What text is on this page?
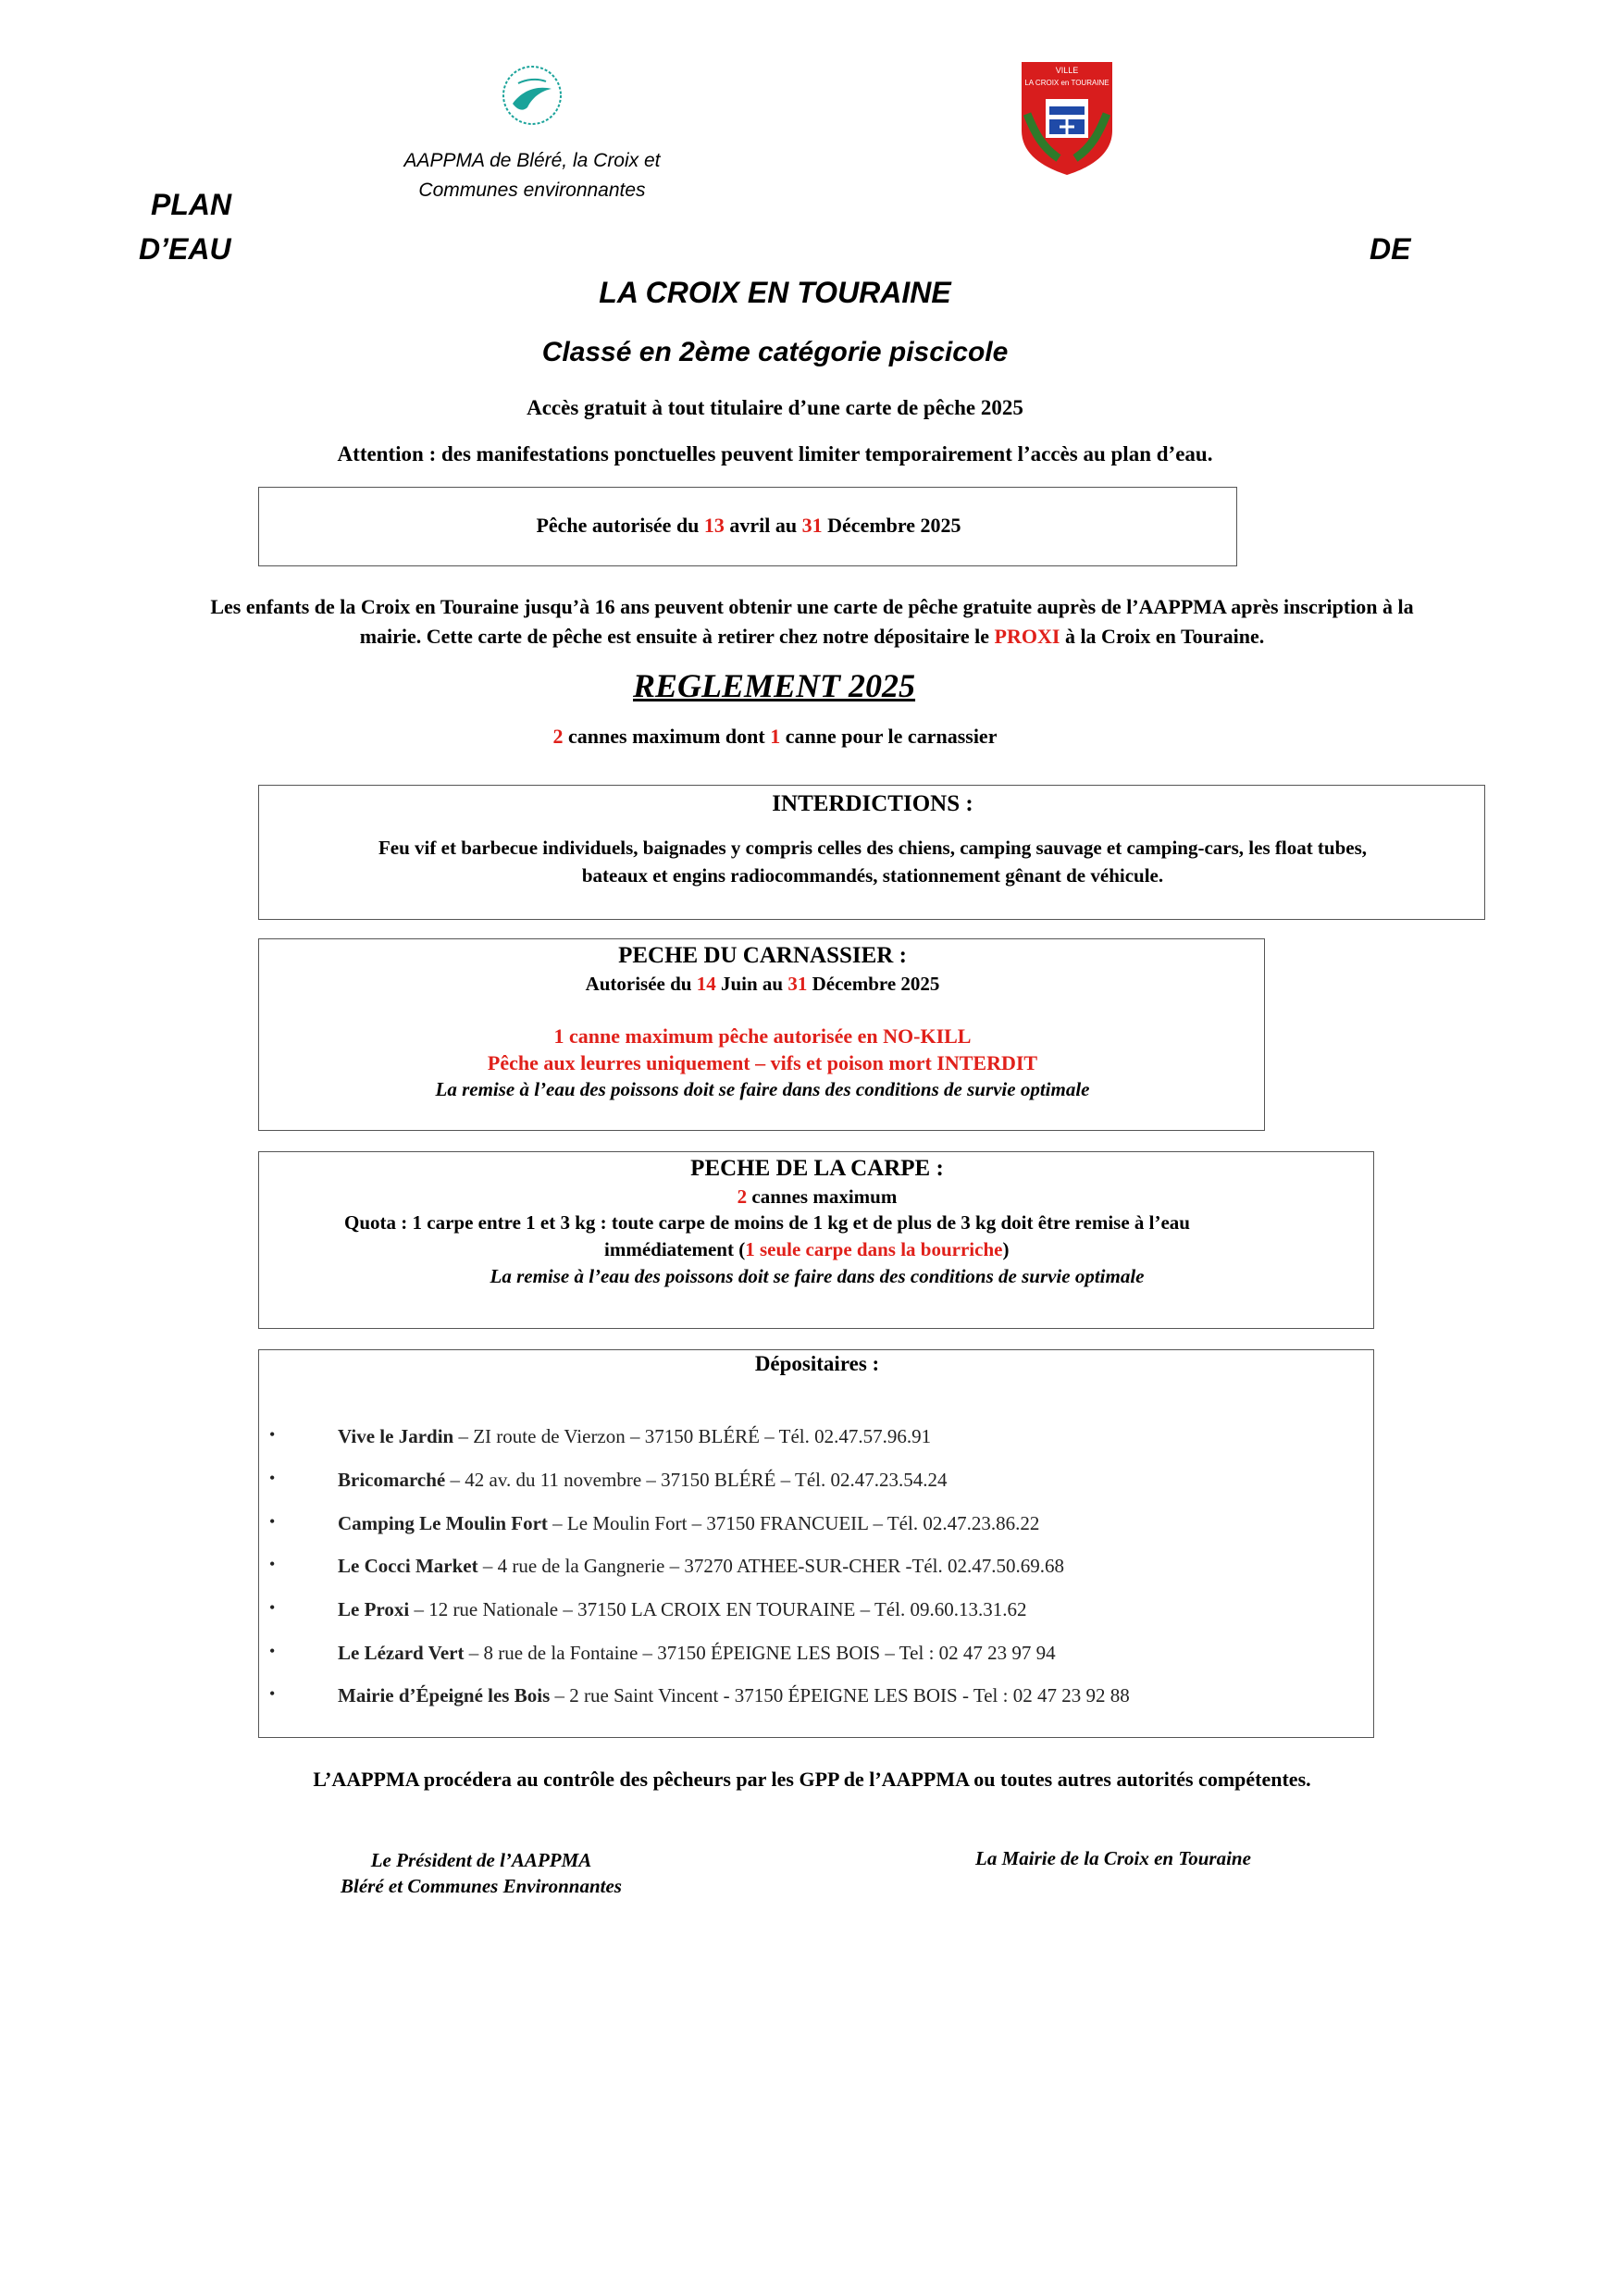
AAPPMA de Bléré, la Croix et
Communes environnantes
VILLE
LA CROIX en TOURAINE
PLAN
D’EAU	DE
LA CROIX EN TOURAINE
Classé en 2ème catégorie piscicole
Accès gratuit à tout titulaire d’une carte de pêche 2025
Attention : des manifestations ponctuelles peuvent limiter temporairement l’accès au plan d’eau.
Pêche autorisée du 13 avril au 31 Décembre 2025
Les enfants de la Croix en Touraine jusqu’à 16 ans peuvent obtenir une carte de pêche gratuite auprès de l’AAPPMA après inscription à la
mairie. Cette carte de pêche est ensuite à retirer chez notre dépositaire le PROXI à la Croix en Touraine.
REGLEMENT 2025
2 cannes maximum dont 1 canne pour le carnassier
INTERDICTIONS :
Feu vif et barbecue individuels, baignades y compris celles des chiens, camping sauvage et camping-cars, les float tubes,
bateaux et engins radiocommandés, stationnement gênant de véhicule.
PECHE DU CARNASSIER :
Autorisée du 14 Juin au 31 Décembre 2025
1 canne maximum pêche autorisée en NO-KILL
Pêche aux leurres uniquement – vifs et poison mort INTERDIT
La remise à l’eau des poissons doit se faire dans des conditions de survie optimale
PECHE DE LA CARPE :
2 cannes maximum
Quota : 1 carpe entre 1 et 3 kg : toute carpe de moins de 1 kg et de plus de 3 kg doit être remise à l’eau
immédiatement (1 seule carpe dans la bourriche)
La remise à l’eau des poissons doit se faire dans des conditions de survie optimale
Dépositaires :
•	Vive le Jardin – ZI route de Vierzon – 37150 BLÉRÉ – Tél. 02.47.57.96.91
•	Bricomarché – 42 av. du 11 novembre – 37150 BLÉRÉ – Tél. 02.47.23.54.24
•	Camping Le Moulin Fort – Le Moulin Fort – 37150 FRANCUEIL – Tél. 02.47.23.86.22
•	Le Cocci Market – 4 rue de la Gangnerie – 37270 ATHEE-SUR-CHER -Tél. 02.47.50.69.68
•	Le Proxi – 12 rue Nationale – 37150 LA CROIX EN TOURAINE – Tél. 09.60.13.31.62
•	Le Lézard Vert – 8 rue de la Fontaine – 37150 ÉPEIGNE LES BOIS – Tel : 02 47 23 97 94
•	Mairie d’Épeigné les Bois – 2 rue Saint Vincent - 37150 ÉPEIGNE LES BOIS - Tel : 02 47 23 92 88
L’AAPPMA procédera au contrôle des pêcheurs par les GPP de l’AAPPMA ou toutes autres autorités compétentes.
Le Président de l’AAPPMA
Bléré et Communes Environnantes
La Mairie de la Croix en Touraine
